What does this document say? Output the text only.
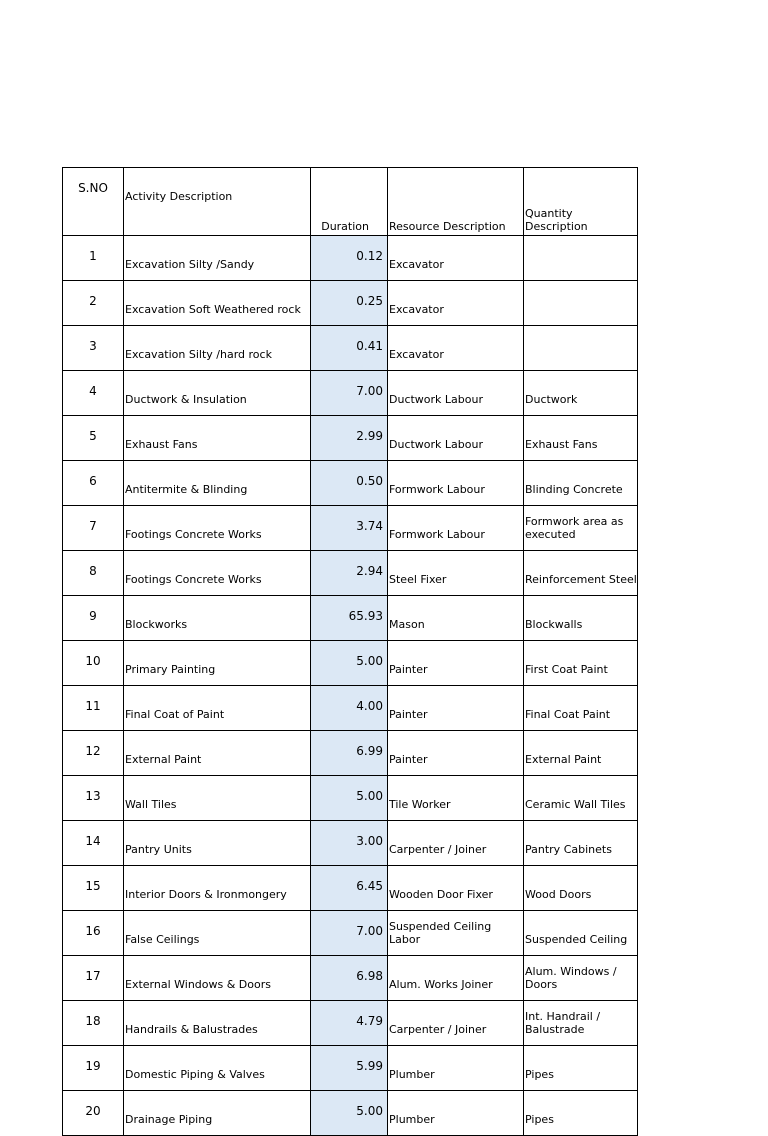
S.NO	Activity Description	Duration	Resource Description	Quantity Description
1	Excavation Silty /Sandy	0.12	Excavator	
2	Excavation Soft Weathered rock	0.25	Excavator	
3	Excavation Silty /hard rock	0.41	Excavator	
4	Ductwork & Insulation	7.00	Ductwork Labour	Ductwork
5	Exhaust Fans	2.99	Ductwork Labour	Exhaust Fans
6	Antitermite & Blinding	0.50	Formwork Labour	Blinding Concrete
7	Footings Concrete Works	3.74	Formwork Labour	Formwork area as executed
8	Footings Concrete Works	2.94	Steel Fixer	Reinforcement Steel
9	Blockworks	65.93	Mason	Blockwalls
10	Primary Painting	5.00	Painter	First Coat Paint
11	Final Coat of Paint	4.00	Painter	Final Coat Paint
12	External Paint	6.99	Painter	External Paint
13	Wall Tiles	5.00	Tile Worker	Ceramic Wall Tiles
14	Pantry Units	3.00	Carpenter / Joiner	Pantry Cabinets
15	Interior Doors & Ironmongery	6.45	Wooden Door Fixer	Wood Doors
16	False Ceilings	7.00	Suspended Ceiling Labor	Suspended Ceiling
17	External Windows & Doors	6.98	Alum. Works Joiner	Alum. Windows / Doors
18	Handrails & Balustrades	4.79	Carpenter / Joiner	Int. Handrail / Balustrade
19	Domestic Piping & Valves	5.99	Plumber	Pipes
20	Drainage Piping	5.00	Plumber	Pipes
